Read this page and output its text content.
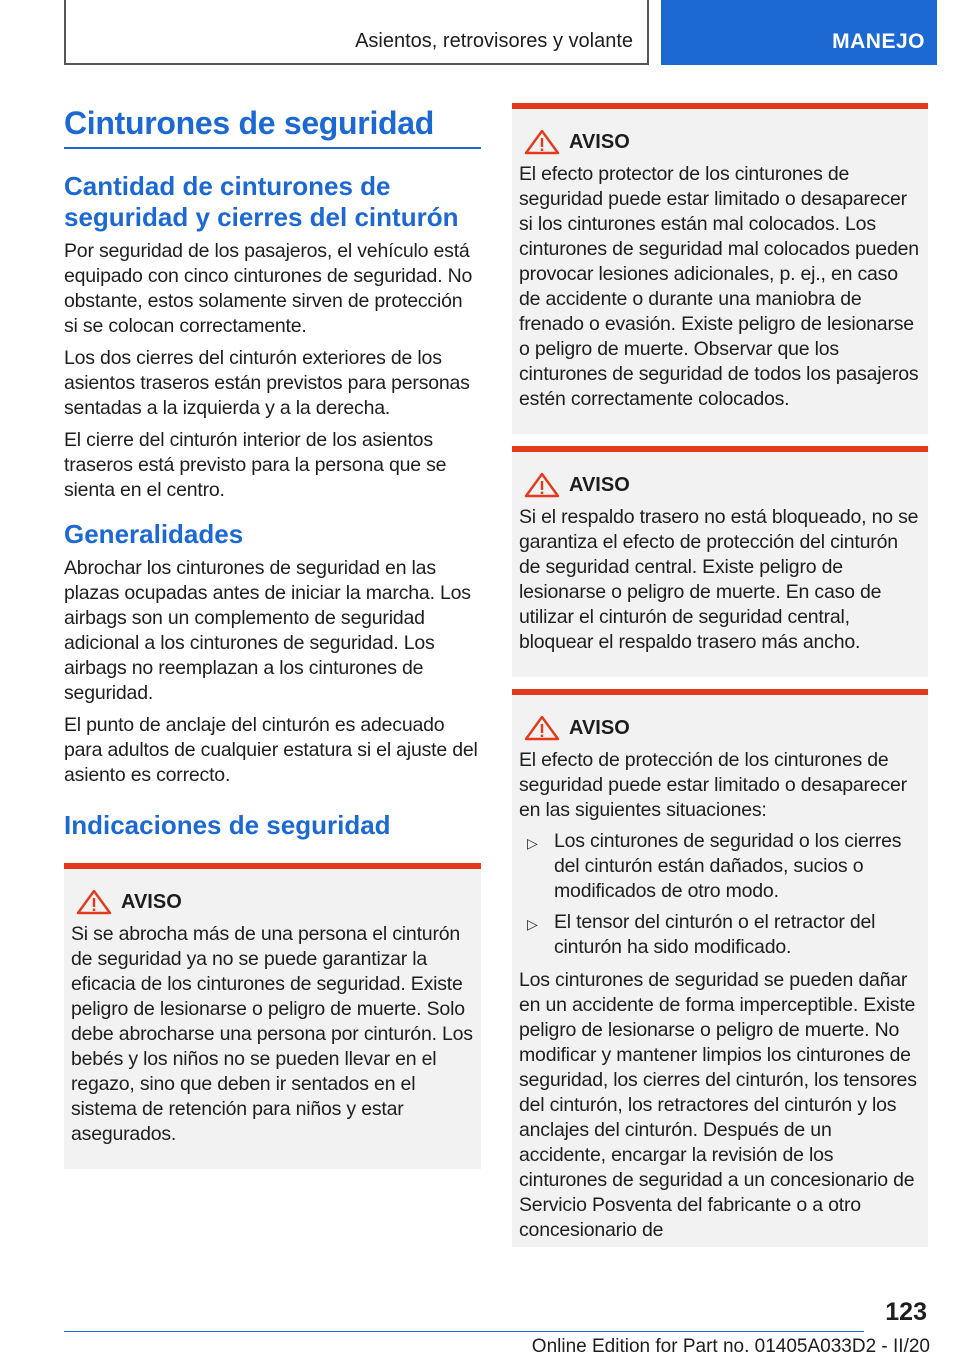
Asientos, retrovisores y volante	MANEJO
Cinturones de seguridad
Cantidad de cinturones de seguridad y cierres del cinturón

Por seguridad de los pasajeros, el vehículo está equipado con cinco cinturones de seguridad. No obstante, estos solamente sirven de protección si se colocan correctamente.

Los dos cierres del cinturón exteriores de los asientos traseros están previstos para personas sentadas a la izquierda y a la derecha.

El cierre del cinturón interior de los asientos traseros está previsto para la persona que se sienta en el centro.

Generalidades

Abrochar los cinturones de seguridad en las plazas ocupadas antes de iniciar la marcha. Los airbags son un complemento de seguridad adicional a los cinturones de seguridad. Los airbags no reemplazan a los cinturones de seguridad.

El punto de anclaje del cinturón es adecuado para adultos de cualquier estatura si el ajuste del asiento es correcto.

Indicaciones de seguridad
AVISO

Si se abrocha más de una persona el cinturón de seguridad ya no se puede garantizar la eficacia de los cinturones de seguridad. Existe peligro de lesionarse o peligro de muerte. Solo debe abrocharse una persona por cinturón. Los bebés y los niños no se pueden llevar en el regazo, sino que deben ir sentados en el sistema de retención para niños y estar asegurados.

AVISO

El efecto protector de los cinturones de seguridad puede estar limitado o desaparecer si los cinturones están mal colocados. Los cinturones de seguridad mal colocados pueden provocar lesiones adicionales, p. ej., en caso de accidente o durante una maniobra de frenado o evasión. Existe peligro de lesionarse o peligro de muerte. Observar que los cinturones de seguridad de todos los pasajeros estén correctamente colocados.

AVISO

Si el respaldo trasero no está bloqueado, no se garantiza el efecto de protección del cinturón de seguridad central. Existe peligro de lesionarse o peligro de muerte. En caso de utilizar el cinturón de seguridad central, bloquear el respaldo trasero más ancho.

AVISO

El efecto de protección de los cinturones de seguridad puede estar limitado o desaparecer en las siguientes situaciones:

▷ Los cinturones de seguridad o los cierres del cinturón están dañados, sucios o modificados de otro modo.
▷ El tensor del cinturón o el retractor del cinturón ha sido modificado.

Los cinturones de seguridad se pueden dañar en un accidente de forma imperceptible. Existe peligro de lesionarse o peligro de muerte. No modificar y mantener limpios los cinturones de seguridad, los cierres del cinturón, los tensores del cinturón, los retractores del cinturón y los anclajes del cinturón. Después de un accidente, encargar la revisión de los cinturones de seguridad a un concesionario de Servicio Posventa del fabricante o a otro concesionario de

123
Online Edition for Part no. 01405A033D2 - II/20
